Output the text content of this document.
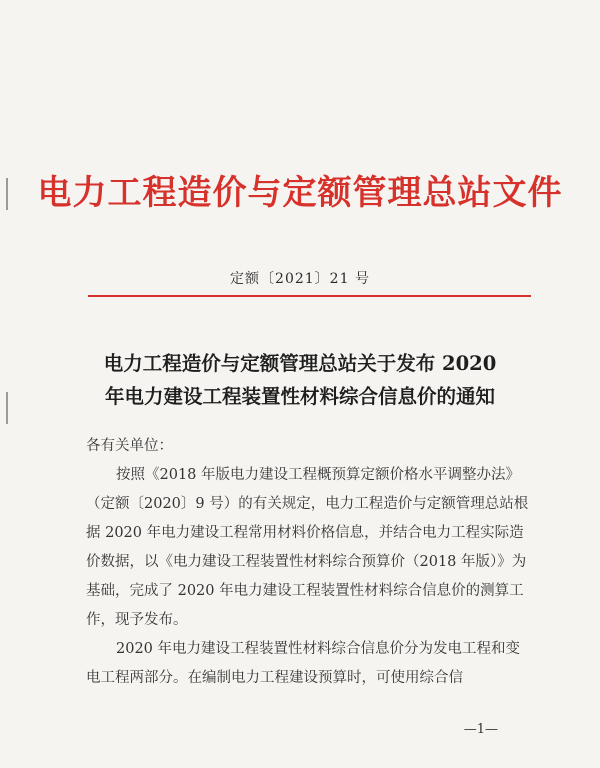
电力工程造价与定额管理总站文件
定额〔2021〕21 号
电力工程造价与定额管理总站关于发布 2020
年电力建设工程装置性材料综合信息价的通知

各有关单位：

按照《2018 年版电力建设工程概预算定额价格水平调整办法》（定额〔2020〕9 号）的有关规定，电力工程造价与定额管理总站根据 2020 年电力建设工程常用材料价格信息，并结合电力工程实际造价数据，以《电力建设工程装置性材料综合预算价（2018 年版）》为基础，完成了 2020 年电力建设工程装置性材料综合信息价的测算工作，现予发布。

2020 年电力建设工程装置性材料综合信息价分为发电工程和变电工程两部分。在编制电力工程建设预算时，可使用综合信

—1—
